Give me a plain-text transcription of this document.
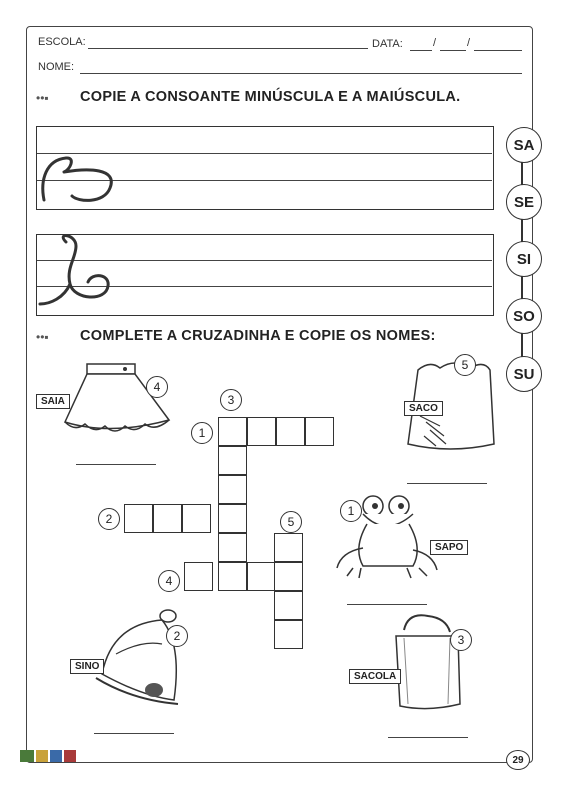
ESCOLA:	DATA:	/	/
NOME:
••▪ COPIE A CONSOANTE MINÚSCULA E A MAIÚSCULA.
SA
SE
SI
SO
SU
••▪ COMPLETE A CRUZADINHA E COPIE OS NOMES:
1
2
3
4
5
SAIA
4
SACO
5
SAPO
1
SINO
2
SACOLA
3
29
